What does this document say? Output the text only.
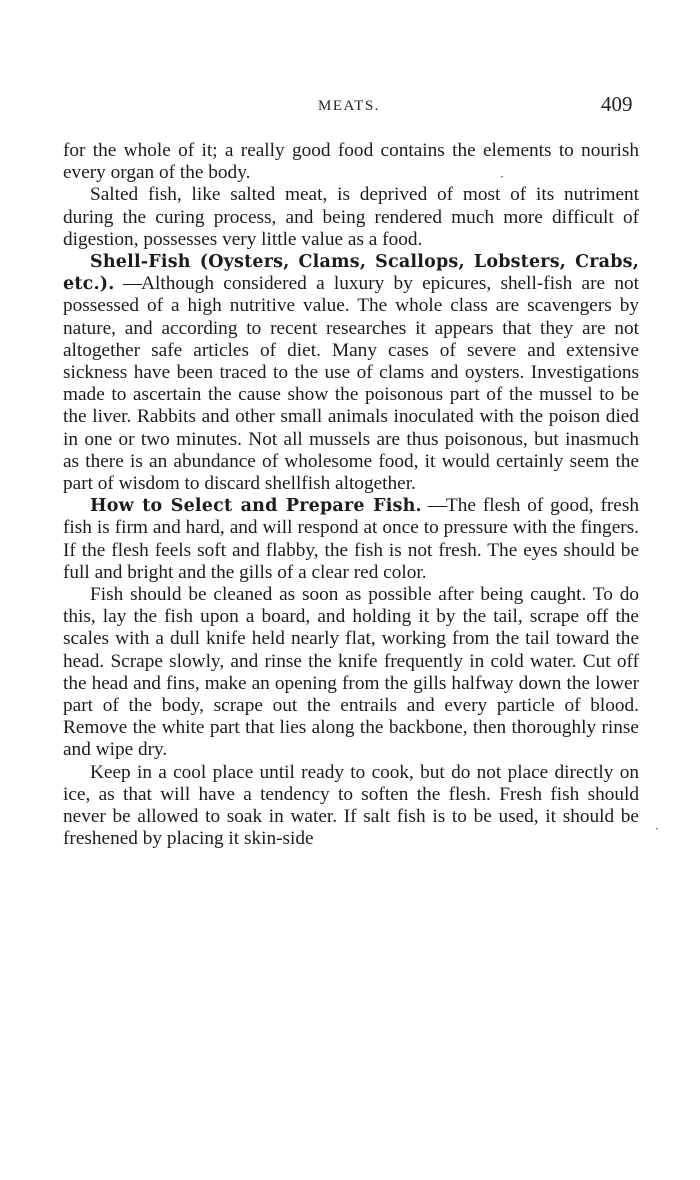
MEATS.	409

for the whole of it; a really good food contains the elements to nourish every organ of the body.

Salted fish, like salted meat, is deprived of most of its nutriment during the curing process, and being rendered much more difficult of digestion, possesses very little value as a food.

Shell-Fish (Oysters, Clams, Scallops, Lobsters, Crabs, etc.). —Although considered a luxury by epicures, shell-fish are not possessed of a high nutritive value. The whole class are scavengers by nature, and according to recent researches it appears that they are not altogether safe articles of diet. Many cases of severe and extensive sickness have been traced to the use of clams and oysters. Investigations made to ascertain the cause show the poisonous part of the mussel to be the liver. Rabbits and other small animals inoculated with the poison died in one or two minutes. Not all mussels are thus poisonous, but inasmuch as there is an abundance of wholesome food, it would certainly seem the part of wisdom to discard shellfish altogether.

How to Select and Prepare Fish. —The flesh of good, fresh fish is firm and hard, and will respond at once to pressure with the fingers. If the flesh feels soft and flabby, the fish is not fresh. The eyes should be full and bright and the gills of a clear red color.

Fish should be cleaned as soon as possible after being caught. To do this, lay the fish upon a board, and holding it by the tail, scrape off the scales with a dull knife held nearly flat, working from the tail toward the head. Scrape slowly, and rinse the knife frequently in cold water. Cut off the head and fins, make an opening from the gills halfway down the lower part of the body, scrape out the entrails and every particle of blood. Remove the white part that lies along the backbone, then thoroughly rinse and wipe dry.

Keep in a cool place until ready to cook, but do not place directly on ice, as that will have a tendency to soften the flesh. Fresh fish should never be allowed to soak in water. If salt fish is to be used, it should be freshened by placing it skin-side	·
·
